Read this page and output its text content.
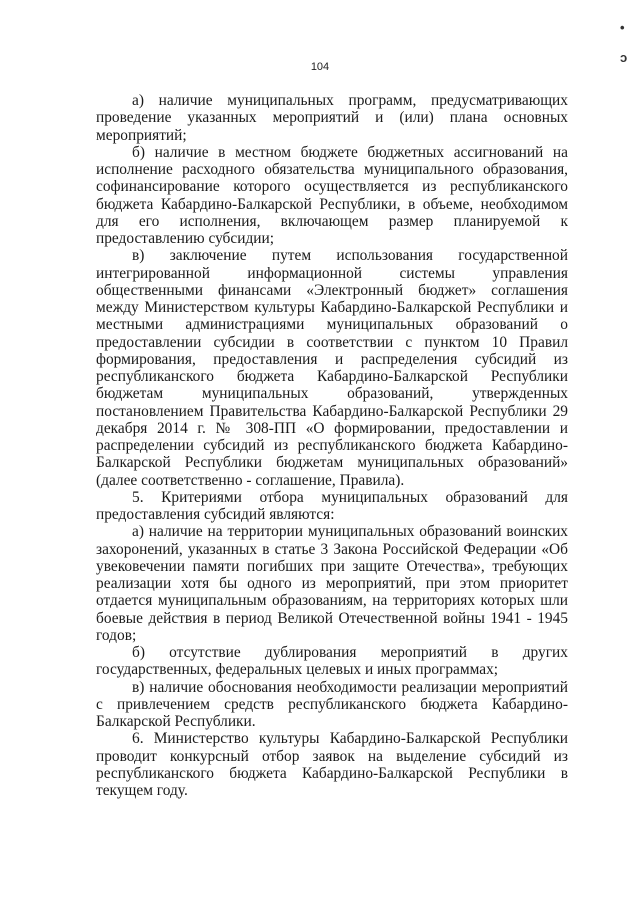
•
ɔ
104

а) наличие муниципальных программ, предусматривающих проведение указанных мероприятий и (или) плана основных мероприятий;

б) наличие в местном бюджете бюджетных ассигнований на исполнение расходного обязательства муниципального образования, софинансирование которого осуществляется из республиканского бюджета Кабардино-Балкарской Республики, в объеме, необходимом для его исполнения, включающем размер планируемой к предоставлению субсидии;

в) заключение путем использования государственной интегрированной информационной системы управления общественными финансами «Электронный бюджет» соглашения между Министерством культуры Кабардино-Балкарской Республики и местными администрациями муниципальных образований о предоставлении субсидии в соответствии с пунктом 10 Правил формирования, предоставления и распределения субсидий из республиканского бюджета Кабардино-Балкарской Республики бюджетам муниципальных образований, утвержденных постановлением Правительства Кабардино-Балкарской Республики 29 декабря 2014 г. № 308-ПП «О формировании, предоставлении и распределении субсидий из республиканского бюджета Кабардино-Балкарской Республики бюджетам муниципальных образований» (далее соответственно - соглашение, Правила).

5. Критериями отбора муниципальных образований для предоставления субсидий являются:

а) наличие на территории муниципальных образований воинских захоронений, указанных в статье 3 Закона Российской Федерации «Об увековечении памяти погибших при защите Отечества», требующих реализации хотя бы одного из мероприятий, при этом приоритет отдается муниципальным образованиям, на территориях которых шли боевые действия в период Великой Отечественной войны 1941 - 1945 годов;

б) отсутствие дублирования мероприятий в других государственных, федеральных целевых и иных программах;

в) наличие обоснования необходимости реализации мероприятий с привлечением средств республиканского бюджета Кабардино-Балкарской Республики.

6. Министерство культуры Кабардино-Балкарской Республики проводит конкурсный отбор заявок на выделение субсидий из республиканского бюджета Кабардино-Балкарской Республики в текущем году.
